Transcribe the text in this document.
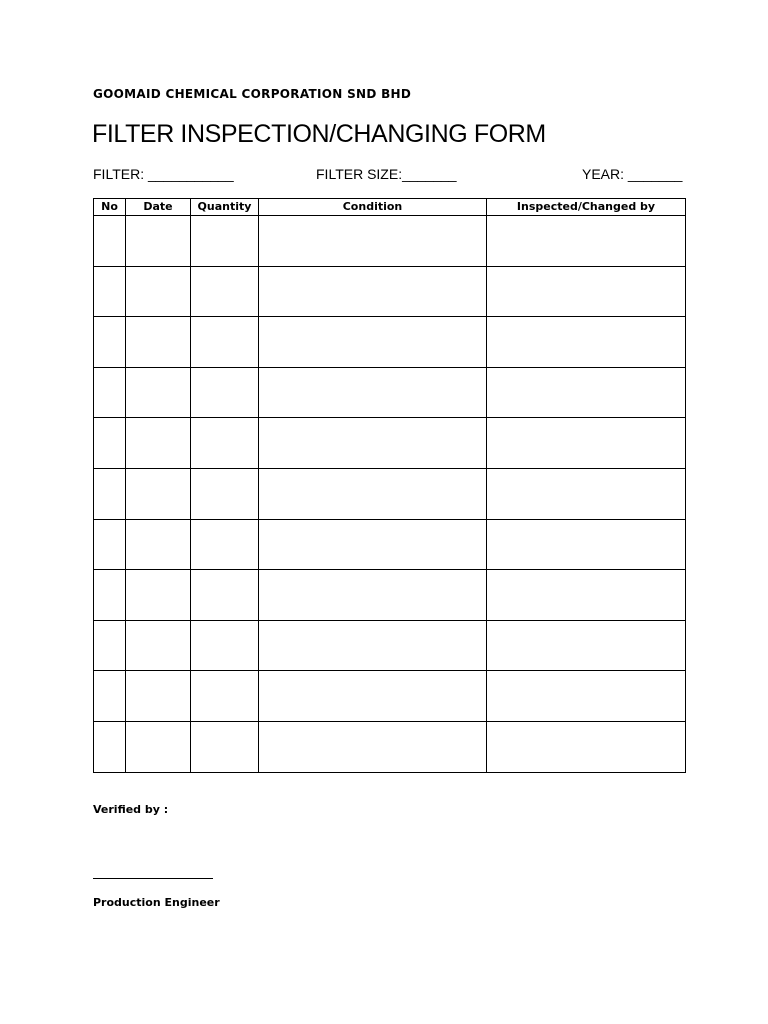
GOOMAID CHEMICAL CORPORATION SND BHD
FILTER INSPECTION/CHANGING FORM
FILTER: ___________	FILTER SIZE:_______	YEAR: _______
No	Date	Quantity	Condition	Inspected/Changed by

Verified by :
Production Engineer
